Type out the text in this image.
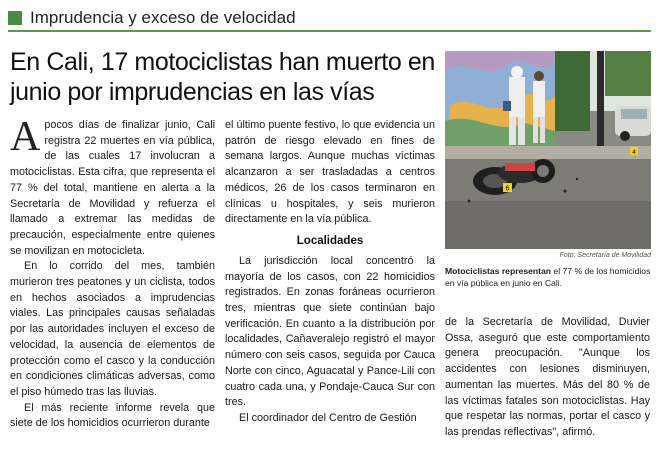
Imprudencia y exceso de velocidad
En Cali, 17 motociclistas han muerto en junio por imprudencias en las vías

Apocos días de finalizar junio, Cali registra 22 muertes en vía pública, de las cuales 17 involucran a motociclistas. Esta cifra, que representa el 77 % del total, mantiene en alerta a la Secretaría de Movilidad y refuerza el llamado a extremar las medidas de precaución, especialmente entre quienes se movilizan en motocicleta.

En lo corrido del mes, también murieron tres peatones y un ciclista, todos en hechos asociados a imprudencias viales. Las principales causas señaladas por las autoridades incluyen el exceso de velocidad, la ausencia de elementos de protección como el casco y la conducción en condiciones climáticas adversas, como el piso húmedo tras las lluvias.

El más reciente informe revela que siete de los homicidios ocurrieron durante

el último puente festivo, lo que evidencia un patrón de riesgo elevado en fines de semana largos. Aunque muchas víctimas alcanzaron a ser trasladadas a centros médicos, 26 de los casos terminaron en clínicas u hospitales, y seis murieron directamente en la vía pública.

Localidades

La jurisdicción local concentró la mayoría de los casos, con 22 homicidios registrados. En zonas foráneas ocurrieron tres, mientras que siete continúan bajo verificación. En cuanto a la distribución por localidades, Cañaveralejo registró el mayor número con seis casos, seguida por Cauca Norte con cinco, Aguacatal y Pance-Lili con cuatro cada una, y Pondaje-Cauca Sur con tres.

El coordinador del Centro de Gestión

6
4
Foto: Secretaría de Movilidad
Motociclistas representan el 77 % de los homicidios en vía pública en junio en Cali.

de la Secretaría de Movilidad, Duvier Ossa, aseguró que este comportamiento genera preocupación. "Aunque los accidentes con lesiones disminuyen, aumentan las muertes. Más del 80 % de las víctimas fatales son motociclistas. Hay que respetar las normas, portar el casco y las prendas reflectivas", afirmó.
